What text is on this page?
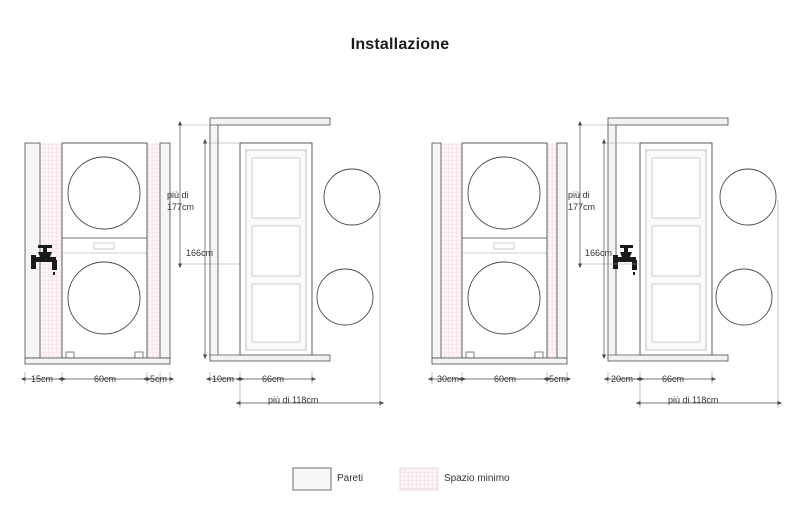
Installazione
15cm	60cm	5cm
più di
177cm
166cm
10cm	66cm
più di 118cm
30cm	60cm	5cm
più di
177cm
166cm
20cm	66cm
più di 118cm
Pareti	Spazio minimo
